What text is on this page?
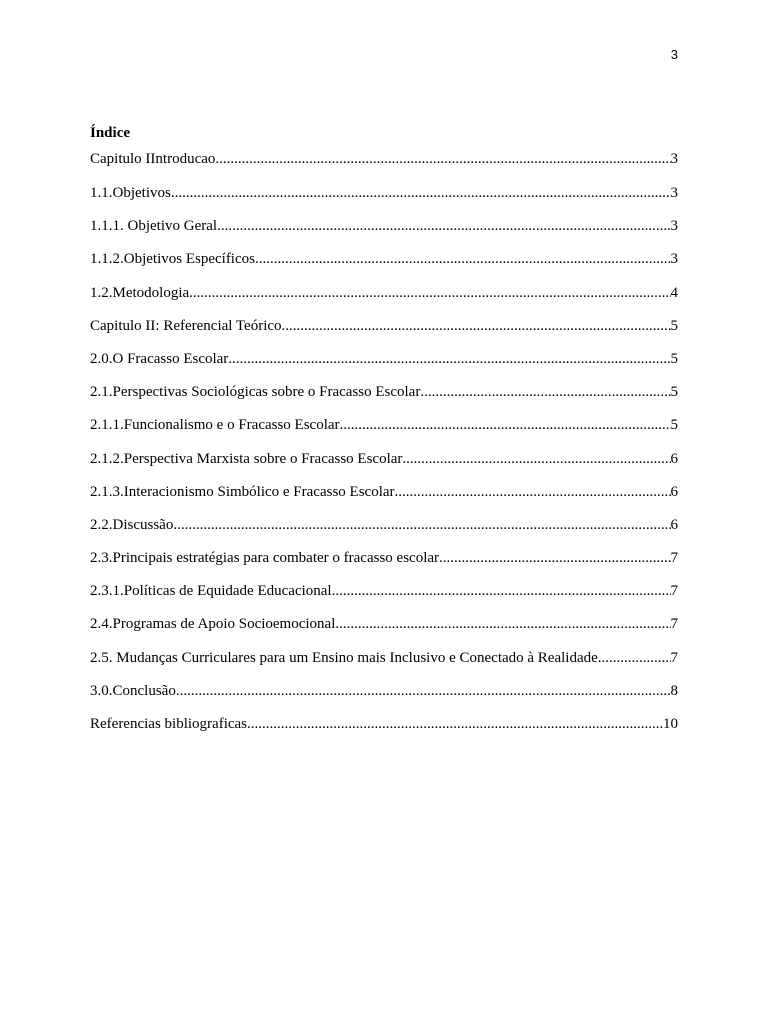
3
Índice
Capitulo IIntroducao .....	3
1.1.Objetivos .....	3
1.1.1. Objetivo Geral .....	3
1.1.2.Objetivos Específicos .....	3
1.2.Metodologia .....	4
Capitulo II: Referencial Teórico .....	5
2.0.O Fracasso Escolar .....	5
2.1.Perspectivas Sociológicas sobre o Fracasso Escolar .....	5
2.1.1.Funcionalismo e o Fracasso Escolar .....	5
2.1.2.Perspectiva Marxista sobre o Fracasso Escolar .....	6
2.1.3.Interacionismo Simbólico e Fracasso Escolar .....	6
2.2.Discussão .....	6
2.3.Principais estratégias para combater o fracasso escolar .....	7
2.3.1.Políticas de Equidade Educacional .....	7
2.4.Programas de Apoio Socioemocional .....	7
2.5. Mudanças Curriculares para um Ensino mais Inclusivo e Conectado à Realidade .....	7
3.0.Conclusão .....	8
Referencias bibliograficas .....	10
